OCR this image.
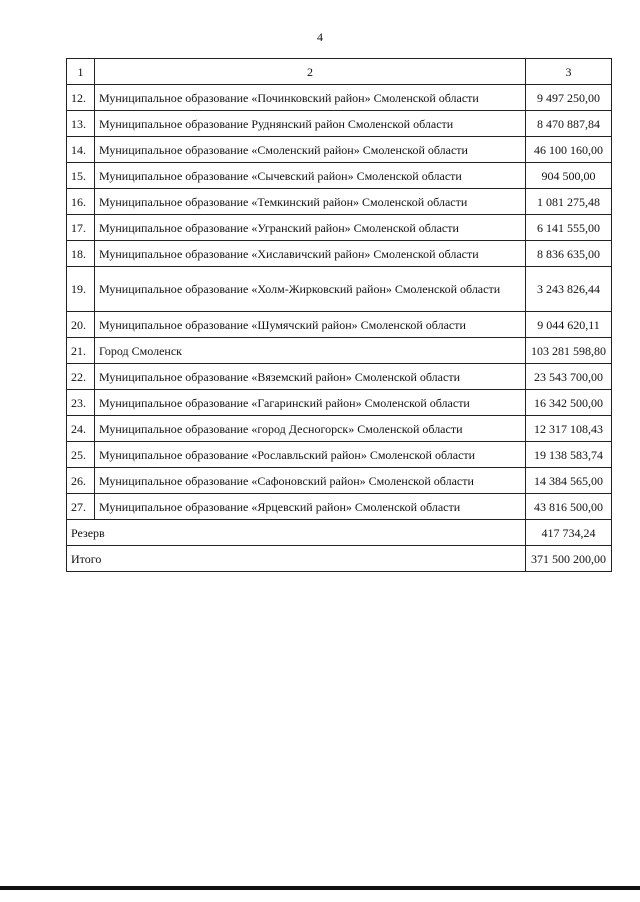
4
1	2	3
12.	Муниципальное образование «Починковский район» Смоленской области	9 497 250,00
13.	Муниципальное образование Руднянский район Смоленской области	8 470 887,84
14.	Муниципальное образование «Смоленский район» Смоленской области	46 100 160,00
15.	Муниципальное образование «Сычевский район» Смоленской области	904 500,00
16.	Муниципальное образование «Темкинский район» Смоленской области	1 081 275,48
17.	Муниципальное образование «Угранский район» Смоленской области	6 141 555,00
18.	Муниципальное образование «Хиславичский район» Смоленской области	8 836 635,00
19.	Муниципальное образование «Холм-Жирковский район» Смоленской области	3 243 826,44
20.	Муниципальное образование «Шумячский район» Смоленской области	9 044 620,11
21.	Город Смоленск	103 281 598,80
22.	Муниципальное образование «Вяземский район» Смоленской области	23 543 700,00
23.	Муниципальное образование «Гагаринский район» Смоленской области	16 342 500,00
24.	Муниципальное образование «город Десногорск» Смоленской области	12 317 108,43
25.	Муниципальное образование «Рославльский район» Смоленской области	19 138 583,74
26.	Муниципальное образование «Сафоновский район» Смоленской области	14 384 565,00
27.	Муниципальное образование «Ярцевский район» Смоленской области	43 816 500,00
Резерв		417 734,24
Итого		371 500 200,00
